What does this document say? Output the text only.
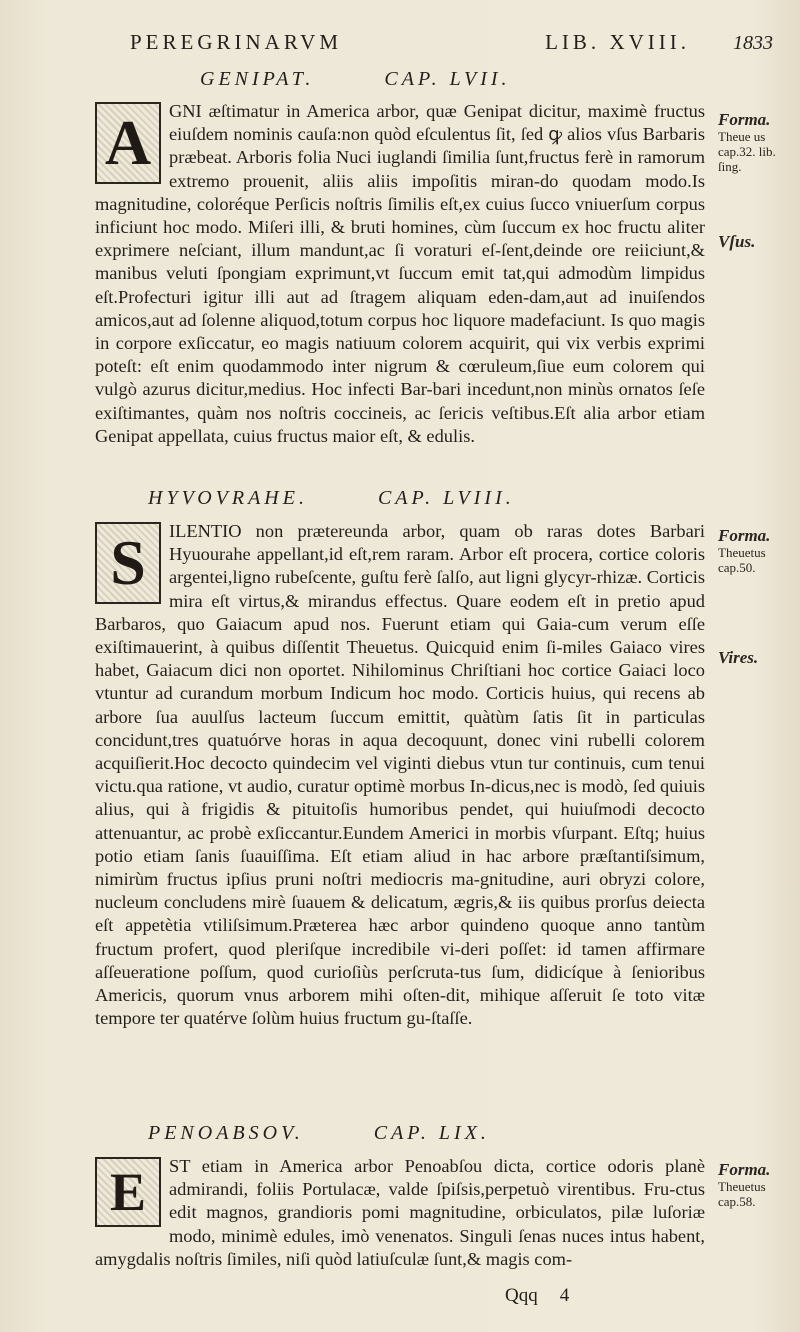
PEREGRINARVM	LIB. XVIII. 1833
GENIPAT.	CAP. LVII.
A GNI æſtimatur in America arbor, quæ Genipat dicitur, maximè fructus eiuſdem nominis cauſa:non quòd eſculentus ſit, ſed ꝙ alios vſus Barbaris præbeat. Arboris folia Nuci iuglandi ſimilia ſunt,fructus ferè in ramorum extremo prouenit, aliis aliis impoſitis miran-do quodam modo.Is magnitudine, coloréque Perſicis noſtris ſimilis eſt,ex cuius ſucco vniuerſum corpus inficiunt hoc modo. Miſeri illi, & bruti homines, cùm ſuccum ex hoc fructu aliter exprimere neſciant, illum mandunt,ac ſi voraturi eſ-ſent,deinde ore reiiciunt,& manibus veluti ſpongiam exprimunt,vt ſuccum emit tat,qui admodùm limpidus eſt.Profecturi igitur illi aut ad ſtragem aliquam eden-dam,aut ad inuiſendos amicos,aut ad ſolenne aliquod,totum corpus hoc liquore madefaciunt. Is quo magis in corpore exſiccatur, eo magis natiuum colorem acquirit, qui vix verbis exprimi poteſt: eſt enim quodammodo inter nigrum & cœruleum,ſiue eum colorem qui vulgò azurus dicitur,medius. Hoc infecti Bar-bari incedunt,non minùs ornatos ſeſe exiſtimantes, quàm nos noſtris coccineis, ac ſericis veſtibus.Eſt alia arbor etiam Genipat appellata, cuius fructus maior eſt, & edulis.

HYVOVRAHE.	CAP. LVIII.
S	ILENTIO non prætereunda arbor, quam ob raras dotes Barbari Hyuourahe appellant,id eſt,rem raram. Arbor eſt procera, cortice coloris argentei,ligno rubeſcente, guſtu ferè ſalſo, aut ligni glycyr-rhizæ. Corticis mira eſt virtus,& mirandus effectus. Quare eodem eſt in pretio apud Barbaros, quo Gaiacum apud nos. Fuerunt etiam qui Gaia-cum verum eſſe exiſtimauerint, à quibus diſſentit Theuetus. Quicquid enim ſi-miles Gaiaco vires habet, Gaiacum dici non oportet. Nihilominus Chriſtiani hoc cortice Gaiaci loco vtuntur ad curandum morbum Indicum hoc modo. Corticis huius, qui recens ab arbore ſua auulſus lacteum ſuccum emittit, quàtùm ſatis ſit in particulas concidunt,tres quatuórve horas in aqua decoquunt, donec vini rubelli colorem acquiſierit.Hoc decocto quindecim vel viginti diebus vtun tur continuis, cum tenui victu.qua ratione, vt audio, curatur optimè morbus In-dicus,nec is modò, ſed quiuis alius, qui à frigidis & pituitoſis humoribus pendet, qui huiuſmodi decocto attenuantur, ac probè exſiccantur.Eundem Americi in morbis vſurpant. Eſtq; huius potio etiam ſanis ſuauiſſima. Eſt etiam aliud in hac arbore præſtantiſsimum, nimirùm fructus ipſius pruni noſtri mediocris ma-gnitudine, auri obryzi colore, nucleum concludens mirè ſuauem & delicatum, ægris,& iis quibus prorſus deiecta eſt appetètia vtiliſsimum.Præterea hæc arbor quindeno quoque anno tantùm fructum profert, quod pleriſque incredibile vi-deri poſſet: id tamen affirmare aſſeueratione poſſum, quod curioſiùs perſcruta-tus ſum, didicíque à ſenioribus Americis, quorum vnus arborem mihi oſten-dit, mihique aſſeruit ſe toto vitæ tempore ter quatérve ſolùm huius fructum gu-ſtaſſe.

PENOABSOV.	CAP. LIX.
E	ST etiam in America arbor Penoabſou dicta, cortice odoris planè admirandi, foliis Portulacæ, valde ſpiſsis,perpetuò virentibus. Fru-ctus edit magnos, grandioris pomi magnitudine, orbiculatos, pilæ luſoriæ modo, minimè edules, imò venenatos. Singuli ſenas nuces intus habent, amygdalis noſtris ſimiles, niſi quòd latiuſculæ ſunt,& magis com-

Forma.
Theue us cap.32. lib. ſing.
Vſus.
Forma.
Theuetus cap.50.
Vires.
Forma.
Theuetus cap.58.
Qqq 4
